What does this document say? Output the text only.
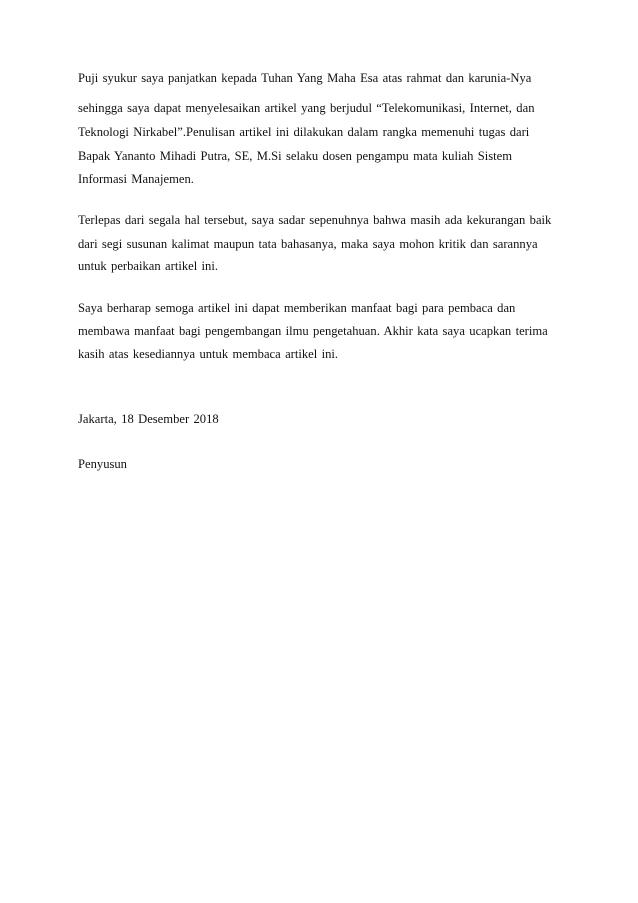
Puji syukur saya panjatkan kepada Tuhan Yang Maha Esa atas rahmat dan karunia-Nya
sehingga saya dapat menyelesaikan artikel yang berjudul “Telekomunikasi, Internet, dan
Teknologi Nirkabel”.Penulisan artikel ini dilakukan dalam rangka memenuhi tugas dari
Bapak Yananto Mihadi Putra, SE, M.Si selaku dosen pengampu mata kuliah Sistem
Informasi Manajemen.
Terlepas dari segala hal tersebut, saya sadar sepenuhnya bahwa masih ada kekurangan baik
dari segi susunan kalimat maupun tata bahasanya, maka saya mohon kritik dan sarannya
untuk perbaikan artikel ini.
Saya berharap semoga artikel ini dapat memberikan manfaat bagi para pembaca dan
membawa manfaat bagi pengembangan ilmu pengetahuan. Akhir kata saya ucapkan terima
kasih atas kesediannya untuk membaca artikel ini.
Jakarta, 18 Desember 2018
Penyusun
